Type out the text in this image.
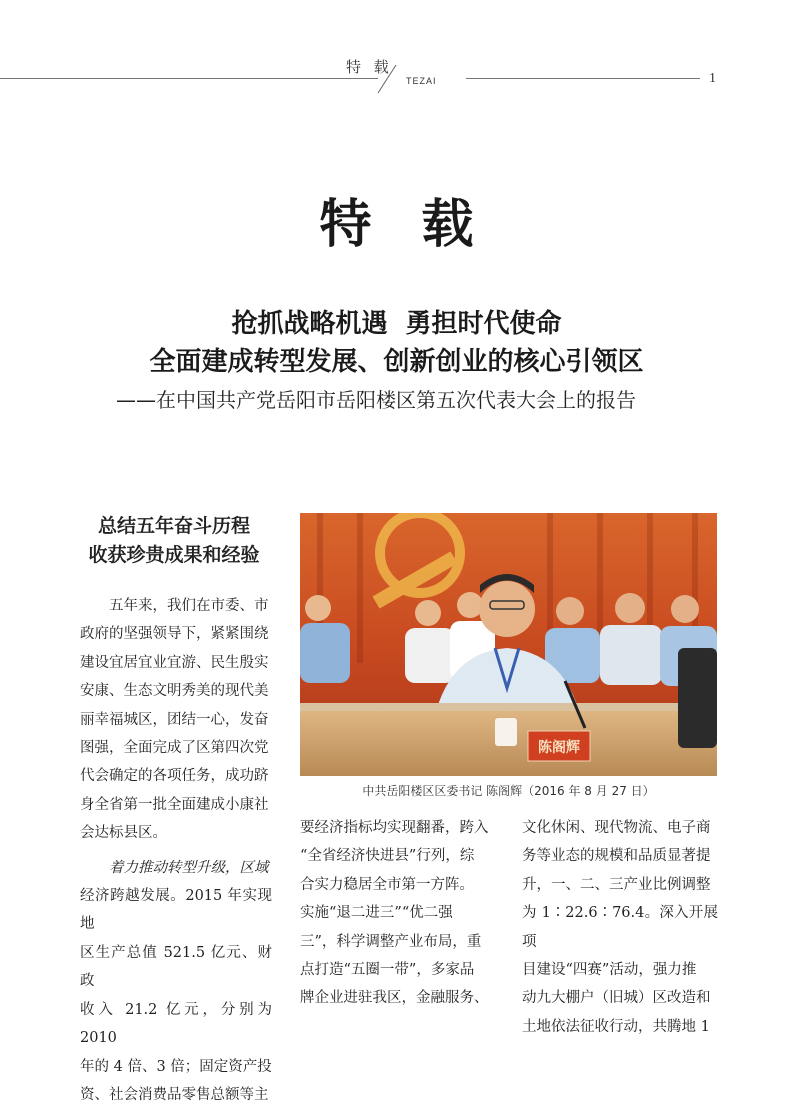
特 载
TEZAI	1
特载
抢抓战略机遇  勇担时代使命
全面建成转型发展、创新创业的核心引领区
——在中国共产党岳阳市岳阳楼区第五次代表大会上的报告
总结五年奋斗历程
收获珍贵成果和经验
陈阁辉
中共岳阳楼区区委书记 陈阁辉（2016 年 8 月 27 日）

五年来，我们在市委、市

政府的坚强领导下，紧紧围绕

建设宜居宜业宜游、民生殷实

安康、生态文明秀美的现代美

丽幸福城区，团结一心，发奋

图强，全面完成了区第四次党

代会确定的各项任务，成功跻

身全省第一批全面建成小康社

会达标县区。

着力推动转型升级，区域

经济跨越发展。2015 年实现地

区生产总值 521.5 亿元、财政

收入 21.2 亿元，分别为 2010

年的 4 倍、3 倍；固定资产投

资、社会消费品零售总额等主

要经济指标均实现翻番，跨入

“全省经济快进县”行列，综

合实力稳居全市第一方阵。

实施“退二进三”“优二强

三”，科学调整产业布局，重

点打造“五圈一带”，多家品

牌企业进驻我区，金融服务、

文化休闲、现代物流、电子商

务等业态的规模和品质显著提

升，一、二、三产业比例调整

为 1∶22.6∶76.4。深入开展项

目建设“四赛”活动，强力推

动九大棚户（旧城）区改造和

土地依法征收行动，共腾地 1
